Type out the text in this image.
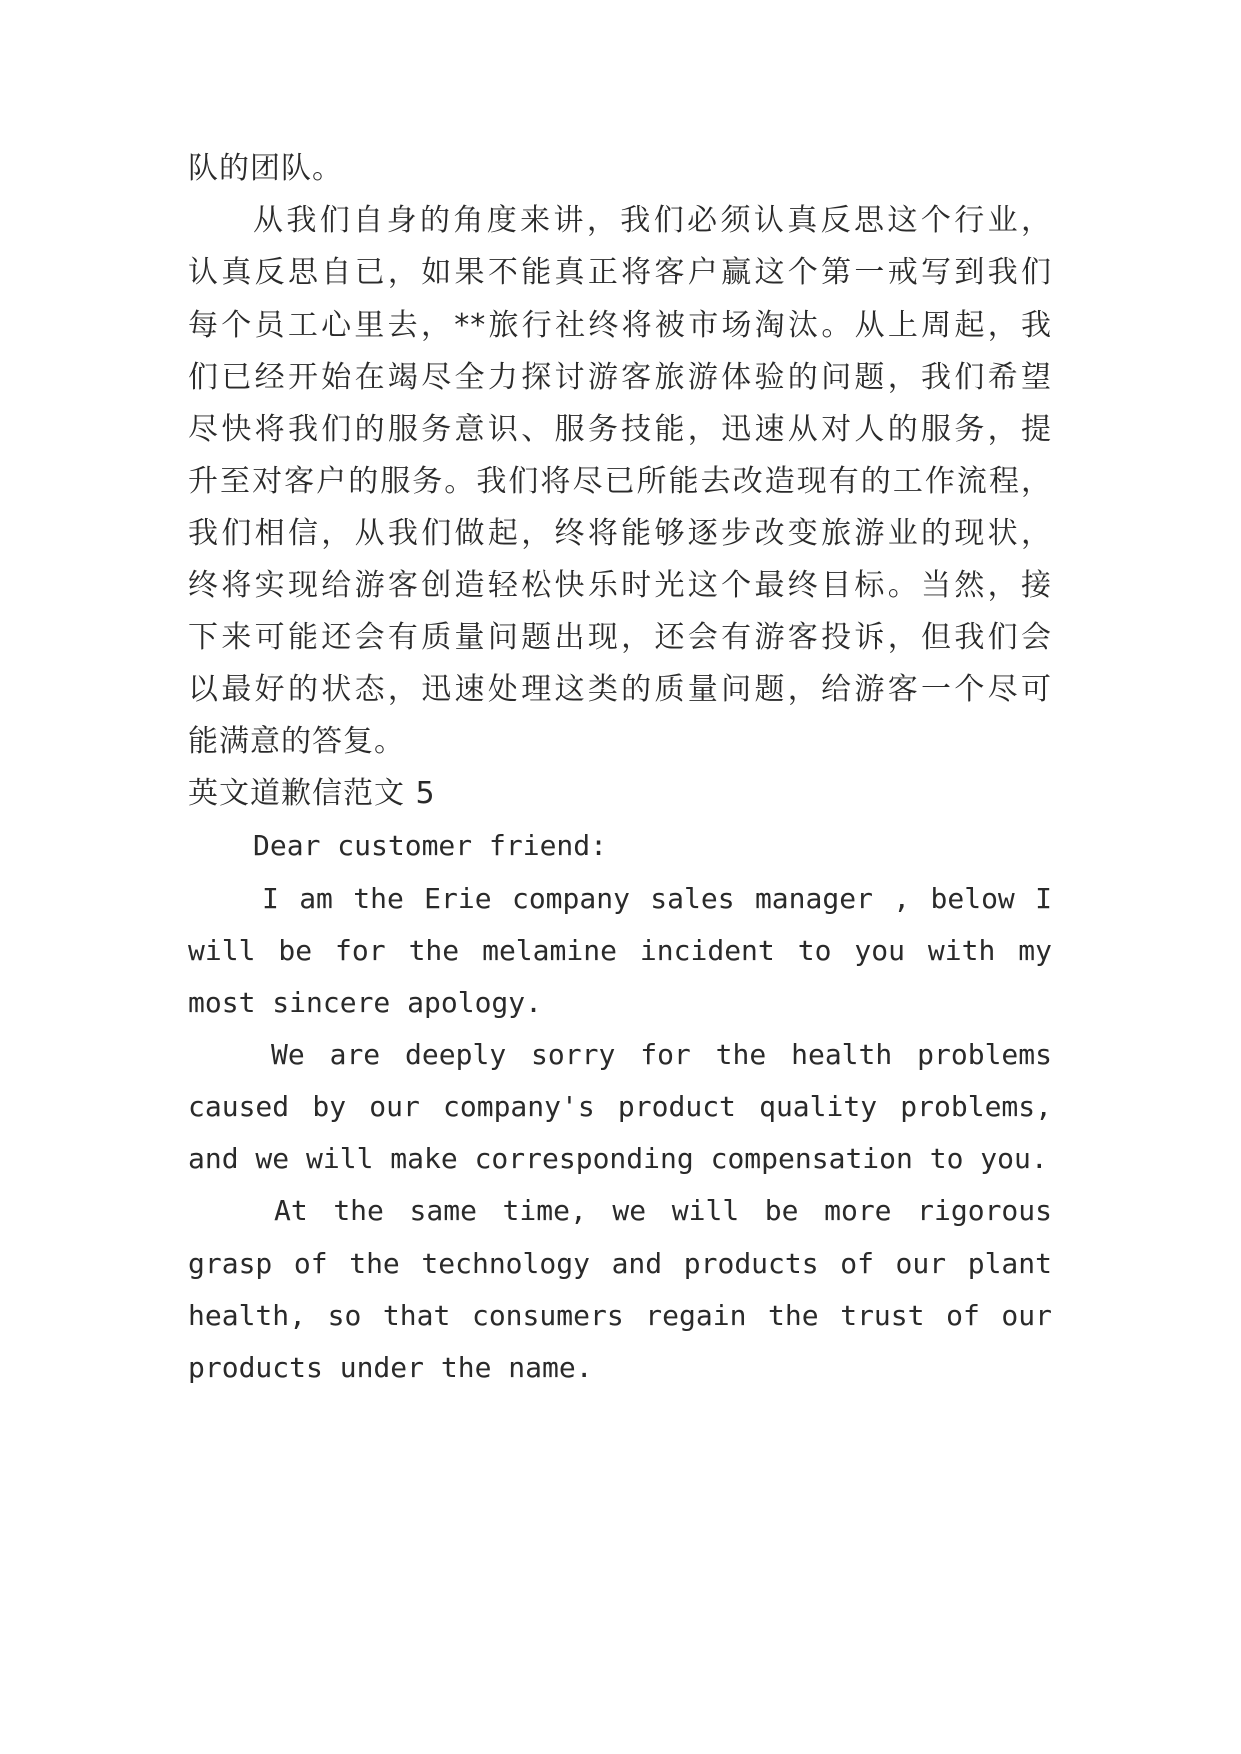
队的团队。

从我们自身的角度来讲，我们必须认真反思这个行业，

认真反思自已，如果不能真正将客户赢这个第一戒写到我们

每个员工心里去，**旅行社终将被市场淘汰。从上周起，我

们已经开始在竭尽全力探讨游客旅游体验的问题，我们希望

尽快将我们的服务意识、服务技能，迅速从对人的服务，提

升至对客户的服务。我们将尽已所能去改造现有的工作流程，

我们相信，从我们做起，终将能够逐步改变旅游业的现状，

终将实现给游客创造轻松快乐时光这个最终目标。当然，接

下来可能还会有质量问题出现，还会有游客投诉，但我们会

以最好的状态，迅速处理这类的质量问题，给游客一个尽可

能满意的答复。

英文道歉信范文 5

Dear customer friend:

I am the Erie company sales manager , below I

will be for the melamine incident to you with my

most sincere apology.

We are deeply sorry for the health problems

caused by our company's product quality problems,

and we will make corresponding compensation to you.

At the same time, we will be more rigorous

grasp of the technology and products of our plant

health, so that consumers regain the trust of our

products under the name.
